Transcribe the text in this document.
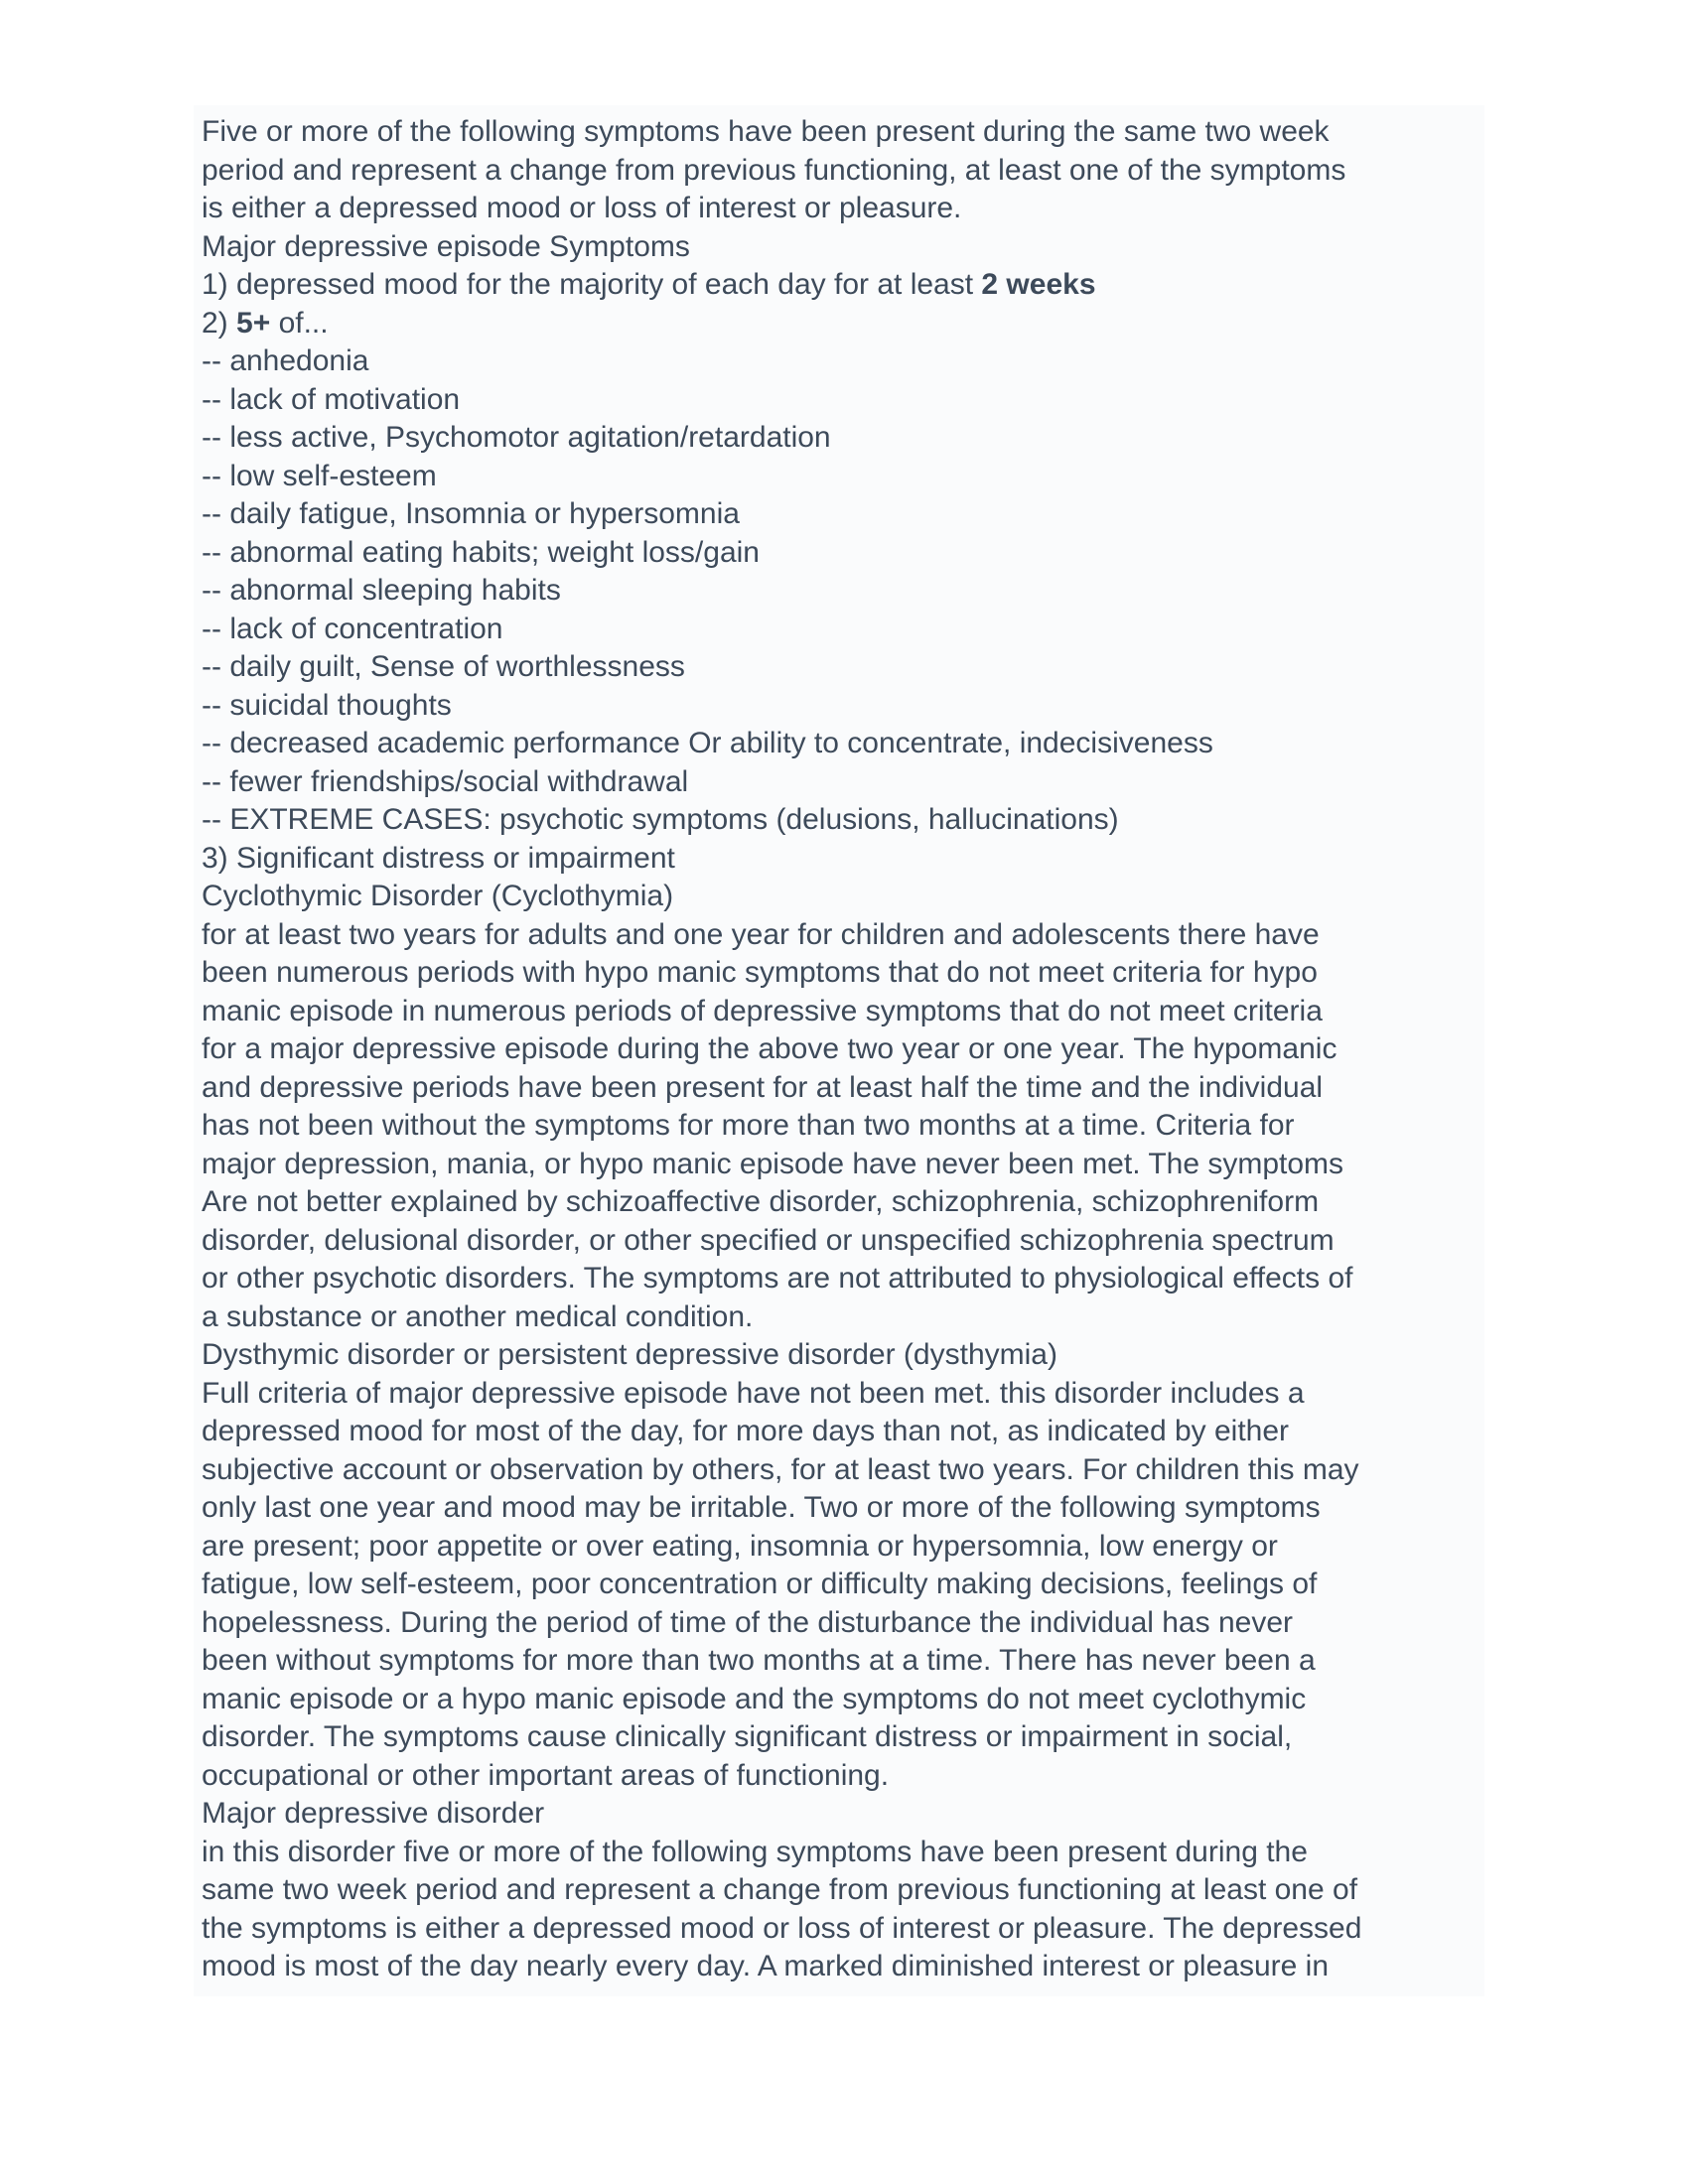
Five or more of the following symptoms have been present during the same two week
period and represent a change from previous functioning, at least one of the symptoms
is either a depressed mood or loss of interest or pleasure.
Major depressive episode Symptoms
1) depressed mood for the majority of each day for at least 2 weeks
2) 5+ of...
-- anhedonia
-- lack of motivation
-- less active, Psychomotor agitation/retardation
-- low self-esteem
-- daily fatigue, Insomnia or hypersomnia
-- abnormal eating habits; weight loss/gain
-- abnormal sleeping habits
-- lack of concentration
-- daily guilt, Sense of worthlessness
-- suicidal thoughts
-- decreased academic performance Or ability to concentrate, indecisiveness
-- fewer friendships/social withdrawal
-- EXTREME CASES: psychotic symptoms (delusions, hallucinations)
3) Significant distress or impairment
Cyclothymic Disorder (Cyclothymia)
for at least two years for adults and one year for children and adolescents there have
been numerous periods with hypo manic symptoms that do not meet criteria for hypo
manic episode in numerous periods of depressive symptoms that do not meet criteria
for a major depressive episode during the above two year or one year. The hypomanic
and depressive periods have been present for at least half the time and the individual
has not been without the symptoms for more than two months at a time. Criteria for
major depression, mania, or hypo manic episode have never been met. The symptoms
Are not better explained by schizoaffective disorder, schizophrenia, schizophreniform
disorder, delusional disorder, or other specified or unspecified schizophrenia spectrum
or other psychotic disorders. The symptoms are not attributed to physiological effects of
a substance or another medical condition.
Dysthymic disorder or persistent depressive disorder (dysthymia)
Full criteria of major depressive episode have not been met. this disorder includes a
depressed mood for most of the day, for more days than not, as indicated by either
subjective account or observation by others, for at least two years. For children this may
only last one year and mood may be irritable. Two or more of the following symptoms
are present; poor appetite or over eating, insomnia or hypersomnia, low energy or
fatigue, low self-esteem, poor concentration or difficulty making decisions, feelings of
hopelessness. During the period of time of the disturbance the individual has never
been without symptoms for more than two months at a time. There has never been a
manic episode or a hypo manic episode and the symptoms do not meet cyclothymic
disorder. The symptoms cause clinically significant distress or impairment in social,
occupational or other important areas of functioning.
Major depressive disorder
in this disorder five or more of the following symptoms have been present during the
same two week period and represent a change from previous functioning at least one of
the symptoms is either a depressed mood or loss of interest or pleasure. The depressed
mood is most of the day nearly every day. A marked diminished interest or pleasure in
